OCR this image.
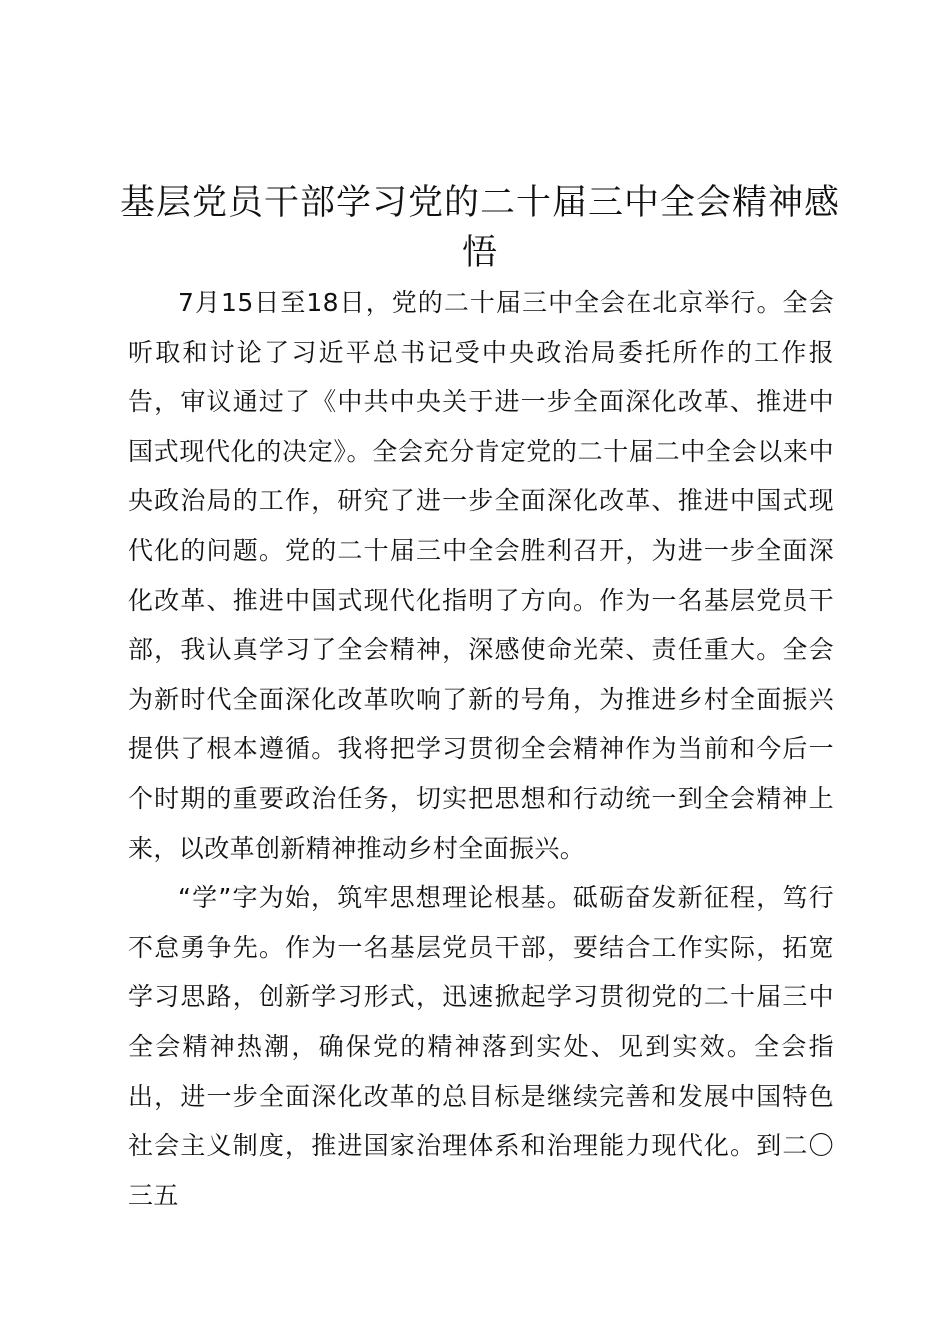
基层党员干部学习党的二十届三中全会精神感悟

7月15日至18日，党的二十届三中全会在北京举行。全会听取和讨论了习近平总书记受中央政治局委托所作的工作报告，审议通过了《中共中央关于进一步全面深化改革、推进中国式现代化的决定》。全会充分肯定党的二十届二中全会以来中央政治局的工作，研究了进一步全面深化改革、推进中国式现代化的问题。党的二十届三中全会胜利召开，为进一步全面深化改革、推进中国式现代化指明了方向。作为一名基层党员干部，我认真学习了全会精神，深感使命光荣、责任重大。全会为新时代全面深化改革吹响了新的号角，为推进乡村全面振兴提供了根本遵循。我将把学习贯彻全会精神作为当前和今后一个时期的重要政治任务，切实把思想和行动统一到全会精神上来，以改革创新精神推动乡村全面振兴。

“学”字为始，筑牢思想理论根基。砥砺奋发新征程，笃行不怠勇争先。作为一名基层党员干部，要结合工作实际，拓宽学习思路，创新学习形式，迅速掀起学习贯彻党的二十届三中全会精神热潮，确保党的精神落到实处、见到实效。全会指出，进一步全面深化改革的总目标是继续完善和发展中国特色社会主义制度，推进国家治理体系和治理能力现代化。到二〇三五
